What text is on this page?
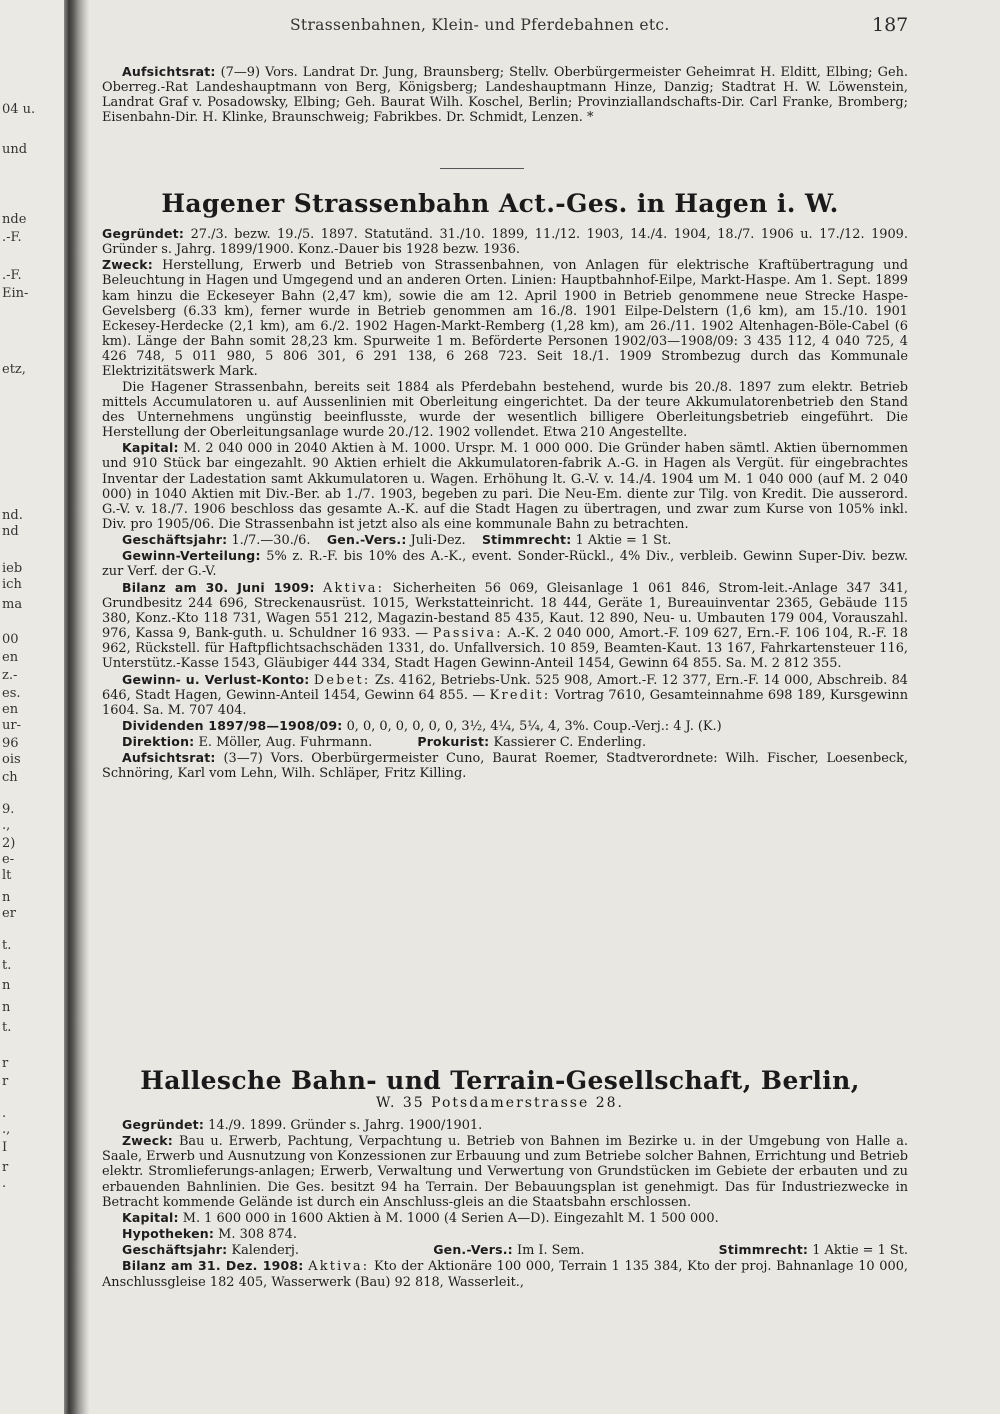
04 u.
und
nde
.-F.
.-F.
Ein-
etz,
nd.
nd
ieb
ich
ma
00
en
z.-
es.
en
ur-
96
ois
ch
9.
.,
2)
e-
lt
n
er
t.
t.
n
n
t.
r
r
.
.,
I
r
.
Strassenbahnen, Klein- und Pferdebahnen etc.	187

Aufsichtsrat: (7—9) Vors. Landrat Dr. Jung, Braunsberg; Stellv. Oberbürgermeister Geheimrat H. Elditt, Elbing; Geh. Oberreg.-Rat Landeshauptmann von Berg, Königsberg; Landeshauptmann Hinze, Danzig; Stadtrat H. W. Löwenstein, Landrat Graf v. Posadowsky, Elbing; Geh. Baurat Wilh. Koschel, Berlin; Provinziallandschafts-Dir. Carl Franke, Bromberg; Eisenbahn-Dir. H. Klinke, Braunschweig; Fabrikbes. Dr. Schmidt, Lenzen. *

Hagener Strassenbahn Act.-Ges. in Hagen i. W.

Gegründet: 27./3. bezw. 19./5. 1897. Statutänd. 31./10. 1899, 11./12. 1903, 14./4. 1904, 18./7. 1906 u. 17./12. 1909. Gründer s. Jahrg. 1899/1900. Konz.-Dauer bis 1928 bezw. 1936.

Zweck: Herstellung, Erwerb und Betrieb von Strassenbahnen, von Anlagen für elektrische Kraftübertragung und Beleuchtung in Hagen und Umgegend und an anderen Orten. Linien: Hauptbahnhof-Eilpe, Markt-Haspe. Am 1. Sept. 1899 kam hinzu die Eckeseyer Bahn (2,47 km), sowie die am 12. April 1900 in Betrieb genommene neue Strecke Haspe-Gevelsberg (6.33 km), ferner wurde in Betrieb genommen am 16./8. 1901 Eilpe-Delstern (1,6 km), am 15./10. 1901 Eckesey-Herdecke (2,1 km), am 6./2. 1902 Hagen-Markt-Remberg (1,28 km), am 26./11. 1902 Altenhagen-Böle-Cabel (6 km). Länge der Bahn somit 28,23 km. Spurweite 1 m. Beförderte Personen 1902/03—1908/09: 3 435 112, 4 040 725, 4 426 748, 5 011 980, 5 806 301, 6 291 138, 6 268 723. Seit 18./1. 1909 Strombezug durch das Kommunale Elektrizitätswerk Mark.

Die Hagener Strassenbahn, bereits seit 1884 als Pferdebahn bestehend, wurde bis 20./8. 1897 zum elektr. Betrieb mittels Accumulatoren u. auf Aussenlinien mit Oberleitung eingerichtet. Da der teure Akkumulatorenbetrieb den Stand des Unternehmens ungünstig beeinflusste, wurde der wesentlich billigere Oberleitungsbetrieb eingeführt. Die Herstellung der Oberleitungsanlage wurde 20./12. 1902 vollendet. Etwa 210 Angestellte.

Kapital: M. 2 040 000 in 2040 Aktien à M. 1000. Urspr. M. 1 000 000. Die Gründer haben sämtl. Aktien übernommen und 910 Stück bar eingezahlt. 90 Aktien erhielt die Akkumulatoren-fabrik A.-G. in Hagen als Vergüt. für eingebrachtes Inventar der Ladestation samt Akkumulatoren u. Wagen. Erhöhung lt. G.-V. v. 14./4. 1904 um M. 1 040 000 (auf M. 2 040 000) in 1040 Aktien mit Div.-Ber. ab 1./7. 1903, begeben zu pari. Die Neu-Em. diente zur Tilg. von Kredit. Die ausserord. G.-V. v. 18./7. 1906 beschloss das gesamte A.-K. auf die Stadt Hagen zu übertragen, und zwar zum Kurse von 105% inkl. Div. pro 1905/06. Die Strassenbahn ist jetzt also als eine kommunale Bahn zu betrachten.

Geschäftsjahr: 1./7.—30./6. Gen.-Vers.: Juli-Dez. Stimmrecht: 1 Aktie = 1 St.

Gewinn-Verteilung: 5% z. R.-F. bis 10% des A.-K., event. Sonder-Rückl., 4% Div., verbleib. Gewinn Super-Div. bezw. zur Verf. der G.-V.

Bilanz am 30. Juni 1909: Aktiva: Sicherheiten 56 069, Gleisanlage 1 061 846, Strom-leit.-Anlage 347 341, Grundbesitz 244 696, Streckenausrüst. 1015, Werkstatteinricht. 18 444, Geräte 1, Bureauinventar 2365, Gebäude 115 380, Konz.-Kto 118 731, Wagen 551 212, Magazin-bestand 85 435, Kaut. 12 890, Neu- u. Umbauten 179 004, Vorauszahl. 976, Kassa 9, Bank-guth. u. Schuldner 16 933. — Passiva: A.-K. 2 040 000, Amort.-F. 109 627, Ern.-F. 106 104, R.-F. 18 962, Rückstell. für Haftpflichtsachschäden 1331, do. Unfallversich. 10 859, Beamten-Kaut. 13 167, Fahrkartensteuer 116, Unterstütz.-Kasse 1543, Gläubiger 444 334, Stadt Hagen Gewinn-Anteil 1454, Gewinn 64 855. Sa. M. 2 812 355.

Gewinn- u. Verlust-Konto: Debet: Zs. 4162, Betriebs-Unk. 525 908, Amort.-F. 12 377, Ern.-F. 14 000, Abschreib. 84 646, Stadt Hagen, Gewinn-Anteil 1454, Gewinn 64 855. — Kredit: Vortrag 7610, Gesamteinnahme 698 189, Kursgewinn 1604. Sa. M. 707 404.

Dividenden 1897/98—1908/09: 0, 0, 0, 0, 0, 0, 0, 3½, 4¼, 5¼, 4, 3%. Coup.-Verj.: 4 J. (K.)

Direktion: E. Möller, Aug. Fuhrmann.	Prokurist: Kassierer C. Enderling.

Aufsichtsrat: (3—7) Vors. Oberbürgermeister Cuno, Baurat Roemer, Stadtverordnete: Wilh. Fischer, Loesenbeck, Schnöring, Karl vom Lehn, Wilh. Schläper, Fritz Killing.

Hallesche Bahn- und Terrain-Gesellschaft, Berlin,
W. 35 Potsdamerstrasse 28.

Gegründet: 14./9. 1899. Gründer s. Jahrg. 1900/1901.

Zweck: Bau u. Erwerb, Pachtung, Verpachtung u. Betrieb von Bahnen im Bezirke u. in der Umgebung von Halle a. Saale, Erwerb und Ausnutzung von Konzessionen zur Erbauung und zum Betriebe solcher Bahnen, Errichtung und Betrieb elektr. Stromlieferungs-anlagen; Erwerb, Verwaltung und Verwertung von Grundstücken im Gebiete der erbauten und zu erbauenden Bahnlinien. Die Ges. besitzt 94 ha Terrain. Der Bebauungsplan ist genehmigt. Das für Industriezwecke in Betracht kommende Gelände ist durch ein Anschluss-gleis an die Staatsbahn erschlossen.

Kapital: M. 1 600 000 in 1600 Aktien à M. 1000 (4 Serien A—D). Eingezahlt M. 1 500 000.

Hypotheken: M. 308 874.

Geschäftsjahr: Kalenderj.	Gen.-Vers.: Im I. Sem.	Stimmrecht: 1 Aktie = 1 St.

Bilanz am 31. Dez. 1908: Aktiva: Kto der Aktionäre 100 000, Terrain 1 135 384, Kto der proj. Bahnanlage 10 000, Anschlussgleise 182 405, Wasserwerk (Bau) 92 818, Wasserleit.,
